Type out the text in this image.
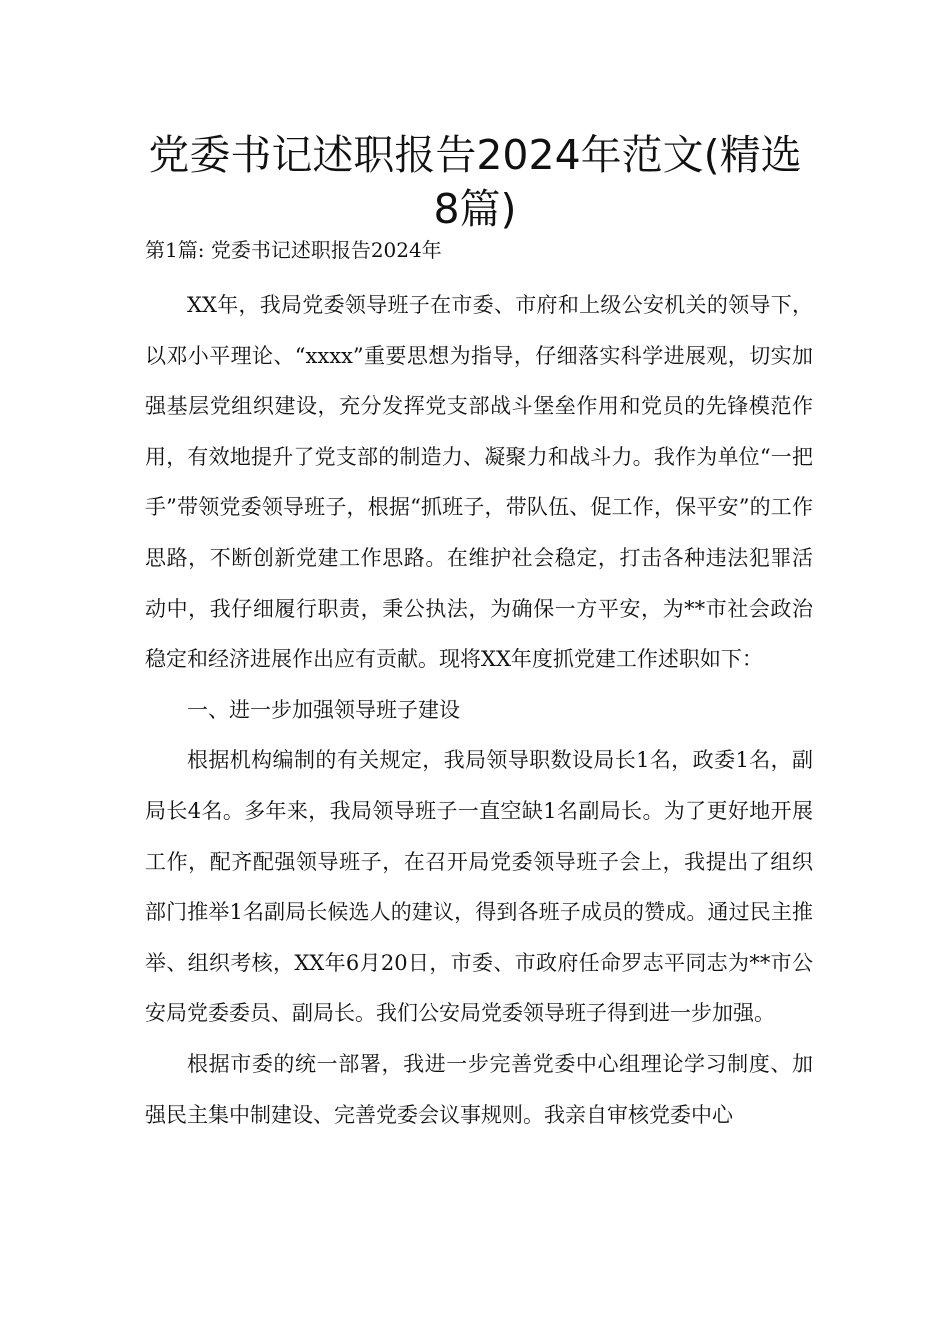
党委书记述职报告2024年范文(精选8篇)
第1篇: 党委书记述职报告2024年

XX年，我局党委领导班子在市委、市府和上级公安机关的领导下，以邓小平理论、“xxxx”重要思想为指导，仔细落实科学进展观，切实加强基层党组织建设，充分发挥党支部战斗堡垒作用和党员的先锋模范作用，有效地提升了党支部的制造力、凝聚力和战斗力。我作为单位“一把手”带领党委领导班子，根据“抓班子，带队伍、促工作，保平安”的工作思路，不断创新党建工作思路。在维护社会稳定，打击各种违法犯罪活动中，我仔细履行职责，秉公执法，为确保一方平安，为**市社会政治稳定和经济进展作出应有贡献。现将XX年度抓党建工作述职如下：

一、进一步加强领导班子建设

根据机构编制的有关规定，我局领导职数设局长1名，政委1名，副局长4名。多年来，我局领导班子一直空缺1名副局长。为了更好地开展工作，配齐配强领导班子，在召开局党委领导班子会上，我提出了组织部门推举1名副局长候选人的建议，得到各班子成员的赞成。通过民主推举、组织考核，XX年6月20日，市委、市政府任命罗志平同志为**市公安局党委委员、副局长。我们公安局党委领导班子得到进一步加强。

根据市委的统一部署，我进一步完善党委中心组理论学习制度、加强民主集中制建设、完善党委会议事规则。我亲自审核党委中心
